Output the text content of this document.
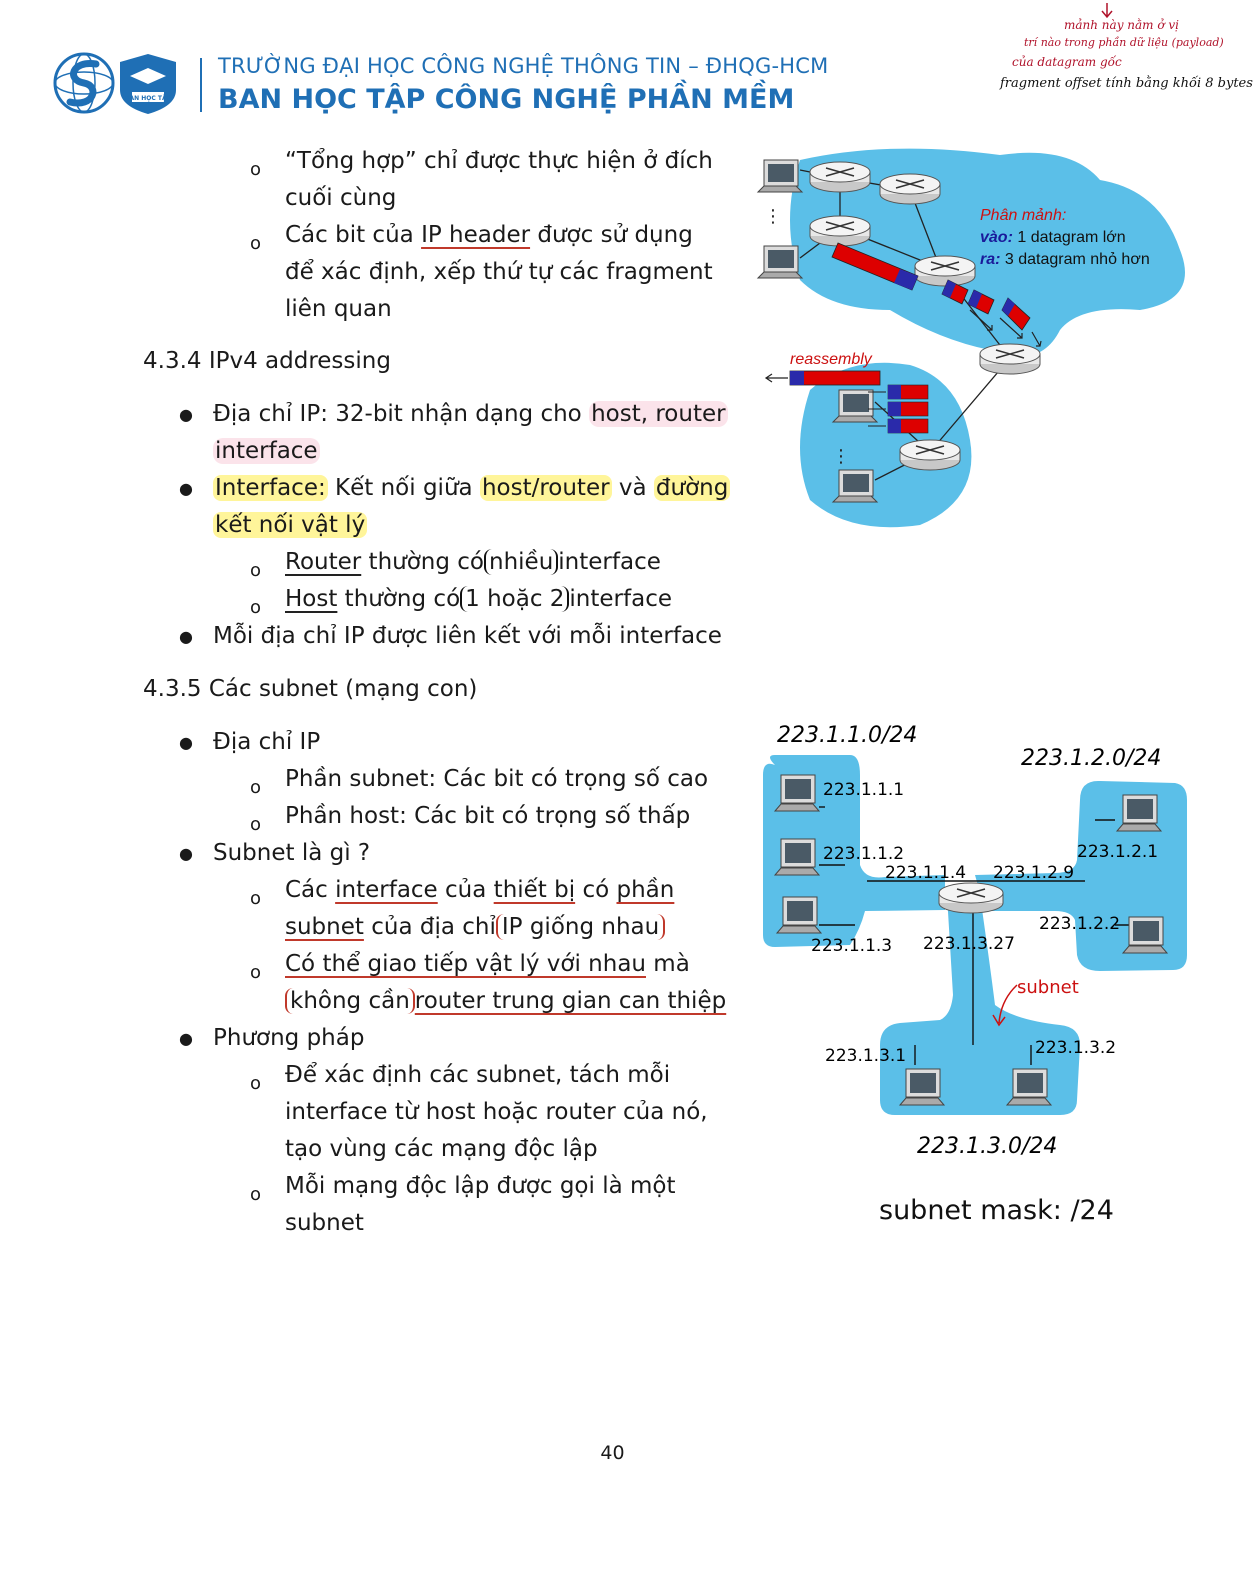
BAN HỌC TẬP
TRƯỜNG ĐẠI HỌC CÔNG NGHỆ THÔNG TIN – ĐHQG-HCM
BAN HỌC TẬP CÔNG NGHỆ PHẦN MỀM
mảnh này nằm ở vị
trí nào trong phần dữ liệu (payload)
của datagram gốc
fragment offset tính bằng khối 8 bytes
o “Tổng hợp” chỉ được thực hiện ở đích
cuối cùng
o Các bit của IP header được sử dụng
để xác định, xếp thứ tự các fragment
liên quan
4.3.4 IPv4 addressing
● Địa chỉ IP: 32-bit nhận dạng cho host, router
interface
● Interface: Kết nối giữa host/router và đường
kết nối vật lý
o Router thường có nhiều interface
o Host thường có 1 hoặc 2 interface
● Mỗi địa chỉ IP được liên kết với mỗi interface
4.3.5 Các subnet (mạng con)
● Địa chỉ IP
o Phần subnet: Các bit có trọng số cao
o Phần host: Các bit có trọng số thấp
● Subnet là gì ?
o Các interface của thiết bị có phần
subnet của địa chỉ IP giống nhau
o Có thể giao tiếp vật lý với nhau mà
không cần router trung gian can thiệp
● Phương pháp
o Để xác định các subnet, tách mỗi
interface từ host hoặc router của nó,
tạo vùng các mạng độc lập
o Mỗi mạng độc lập được gọi là một
subnet
⋮
⋮
Phân mảnh:
vào: 1 datagram lớn
ra: 3 datagram nhỏ hơn
reassembly
223.1.1.0/24
223.1.2.0/24
223.1.3.0/24
223.1.1.1
223.1.1.2
223.1.1.3
223.1.1.4
223.1.2.1
223.1.2.2
223.1.2.9
223.1.3.27
223.1.3.1	223.1.3.2
subnet
subnet mask: /24
40
